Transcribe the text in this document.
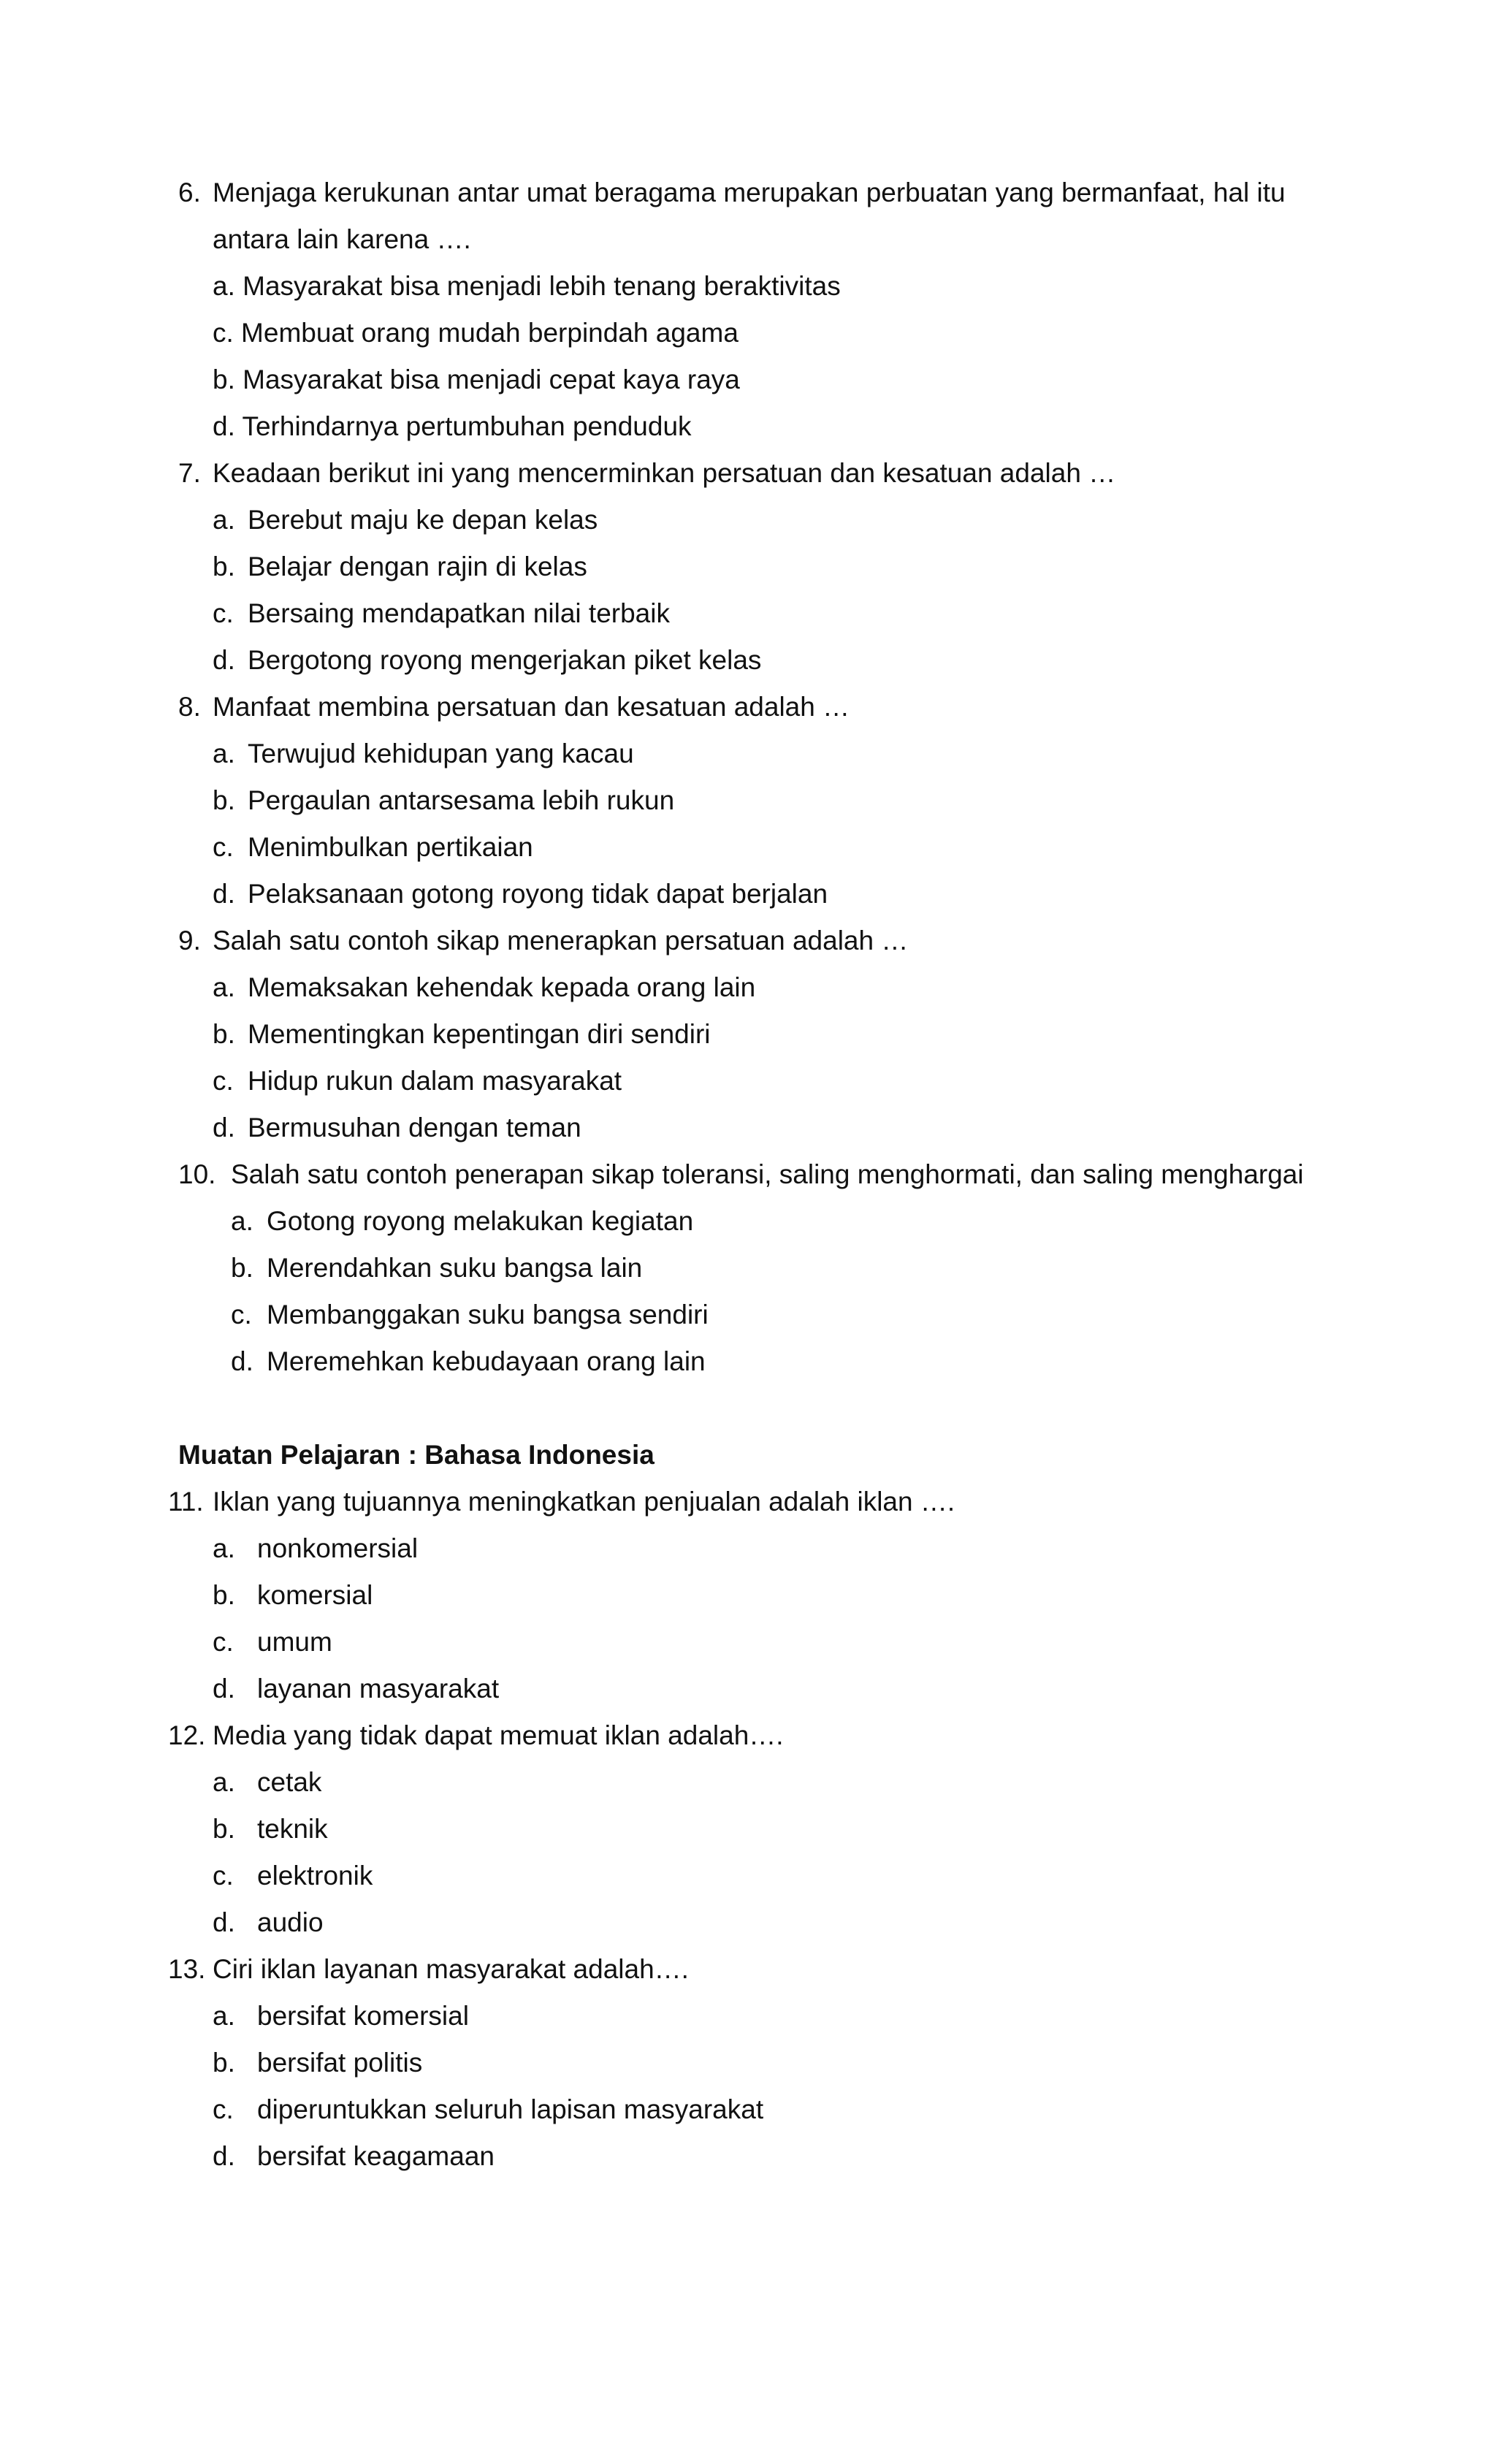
6. Menjaga kerukunan antar umat beragama merupakan perbuatan yang bermanfaat, hal itu
antara lain karena ….
a. Masyarakat bisa menjadi lebih tenang beraktivitas
c. Membuat orang mudah berpindah agama
b. Masyarakat bisa menjadi cepat kaya raya
d. Terhindarnya pertumbuhan penduduk
7. Keadaan berikut ini yang mencerminkan persatuan dan kesatuan adalah …
a. Berebut maju ke depan kelas
b. Belajar dengan rajin di kelas
c. Bersaing mendapatkan nilai terbaik
d. Bergotong royong mengerjakan piket kelas
8. Manfaat membina persatuan dan kesatuan adalah …
a. Terwujud kehidupan yang kacau
b. Pergaulan antarsesama lebih rukun
c. Menimbulkan pertikaian
d. Pelaksanaan gotong royong tidak dapat berjalan
9. Salah satu contoh sikap menerapkan persatuan adalah …
a. Memaksakan kehendak kepada orang lain
b. Mementingkan kepentingan diri sendiri
c. Hidup rukun dalam masyarakat
d. Bermusuhan dengan teman
10. Salah satu contoh penerapan sikap toleransi, saling menghormati, dan saling menghargai
a. Gotong royong melakukan kegiatan
b. Merendahkan suku bangsa lain
c. Membanggakan suku bangsa sendiri
d. Meremehkan kebudayaan orang lain
Muatan Pelajaran : Bahasa Indonesia
11. Iklan yang tujuannya meningkatkan penjualan adalah iklan ….
a. nonkomersial
b. komersial
c. umum
d. layanan masyarakat
12. Media yang tidak dapat memuat iklan adalah….
a. cetak
b. teknik
c. elektronik
d. audio
13. Ciri iklan layanan masyarakat adalah….
a. bersifat komersial
b. bersifat politis
c. diperuntukkan seluruh lapisan masyarakat
d. bersifat keagamaan
